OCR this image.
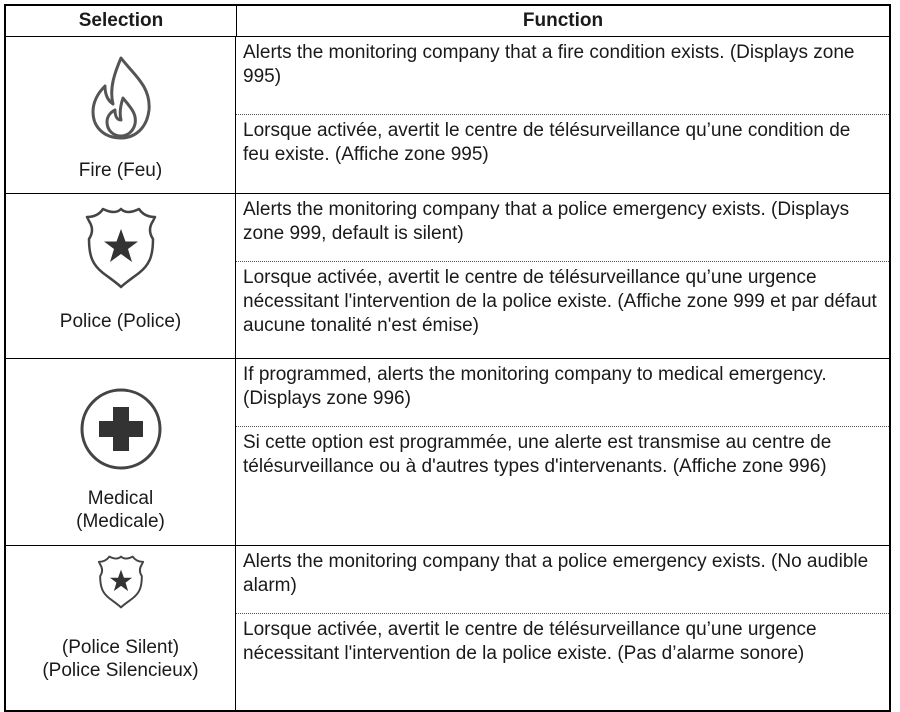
Selection	Function
Fire (Feu)
Alerts the monitoring company that a fire condition exists. (Displays zone 995)
Lorsque activée, avertit le centre de télésurveillance qu’une condition de feu existe. (Affiche zone 995)
Police (Police)
Alerts the monitoring company that a police emergency exists. (Displays zone 999, default is silent)
Lorsque activée, avertit le centre de télésurveillance qu’une urgence nécessitant l'intervention de la police existe. (Affiche zone 999 et par défaut aucune tonalité n'est émise)
Medical
(Medicale)
If programmed, alerts the monitoring company to medical emergency. (Displays zone 996)
Si cette option est programmée, une alerte est transmise au centre de télésurveillance ou à d'autres types d'intervenants. (Affiche zone 996)
(Police Silent)
(Police Silencieux)
Alerts the monitoring company that a police emergency exists. (No audible alarm)
Lorsque activée, avertit le centre de télésurveillance qu’une urgence nécessitant l'intervention de la police existe. (Pas d’alarme sonore)
